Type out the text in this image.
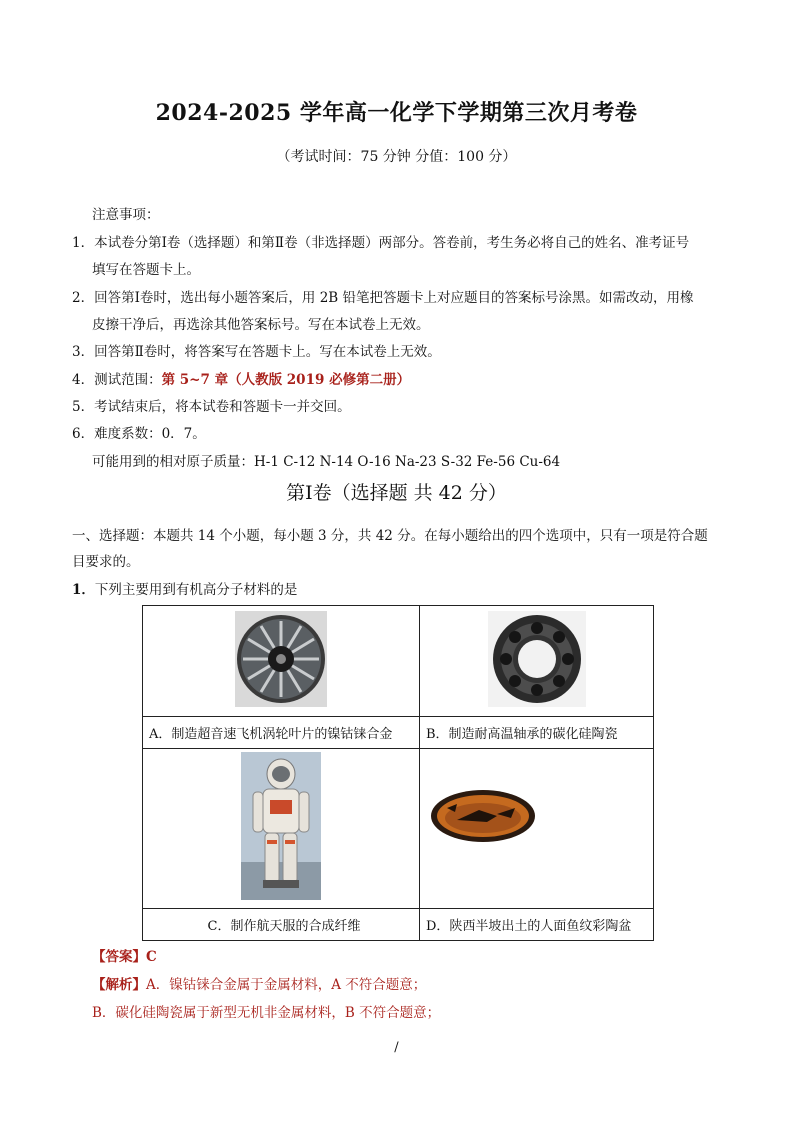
2024-2025 学年高一化学下学期第三次月考卷
（考试时间：75 分钟 分值：100 分）
注意事项：
1．本试卷分第Ⅰ卷（选择题）和第Ⅱ卷（非选择题）两部分。答卷前，考生务必将自己的姓名、准考证号
填写在答题卡上。
2．回答第Ⅰ卷时，选出每小题答案后，用 2B 铅笔把答题卡上对应题目的答案标号涂黑。如需改动，用橡
皮擦干净后，再选涂其他答案标号。写在本试卷上无效。
3．回答第Ⅱ卷时，将答案写在答题卡上。写在本试卷上无效。
4．测试范围：第 5~7 章（人教版 2019 必修第二册）
5．考试结束后，将本试卷和答题卡一并交回。
6．难度系数：0．7。
可能用到的相对原子质量：H-1 C-12 N-14 O-16 Na-23 S-32 Fe-56 Cu-64
第Ⅰ卷（选择题 共 42 分）
一、选择题：本题共 14 个小题，每小题 3 分，共 42 分。在每小题给出的四个选项中，只有一项是符合题
目要求的。
1．下列主要用到有机高分子材料的是

A．制造超音速飞机涡轮叶片的镍钴铼合金	B．制造耐高温轴承的碳化硅陶瓷

C．制作航天服的合成纤维	D．陕西半坡出土的人面鱼纹彩陶盆
【答案】C
【解析】A．镍钴铼合金属于金属材料，A 不符合题意；
B．碳化硅陶瓷属于新型无机非金属材料，B 不符合题意；
/
